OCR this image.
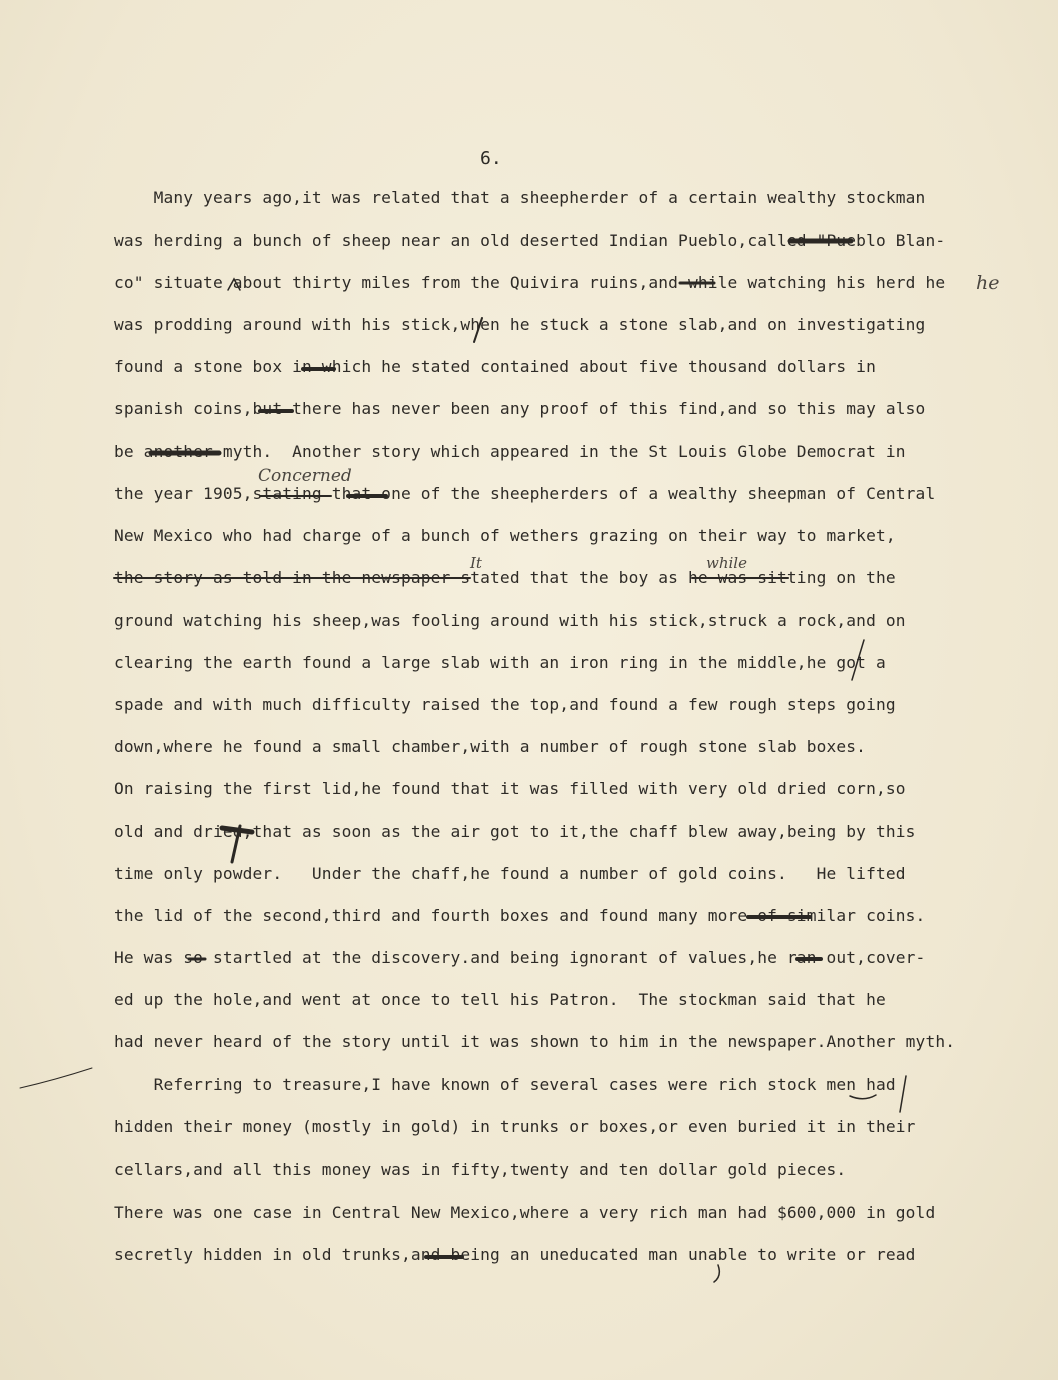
6.
Many years ago,it was related that a sheepherder of a certain wealthy stockman
was herding a bunch of sheep near an old deserted Indian Pueblo,called "Pueblo Blan-
co" situate about thirty miles from the Quivira ruins,and while watching his herd he
was prodding around with his stick,when he stuck a stone slab,and on investigating
found a stone box in which he stated contained about five thousand dollars in
spanish coins,but there has never been any proof of this find,and so this may also
be another myth.  Another story which appeared in the St Louis Globe Democrat in
the year 1905,stating that one of the sheepherders of a wealthy sheepman of Central
New Mexico who had charge of a bunch of wethers grazing on their way to market,
the story as told in the newspaper stated that the boy as he was sitting on the
ground watching his sheep,was fooling around with his stick,struck a rock,and on
clearing the earth found a large slab with an iron ring in the middle,he got a
spade and with much difficulty raised the top,and found a few rough steps going
down,where he found a small chamber,with a number of rough stone slab boxes.
On raising the first lid,he found that it was filled with very old dried corn,so
old and dried,that as soon as the air got to it,the chaff blew away,being by this
time only powder.   Under the chaff,he found a number of gold coins.   He lifted
the lid of the second,third and fourth boxes and found many more of similar coins.
He was so startled at the discovery.and being ignorant of values,he ran out,cover-
ed up the hole,and went at once to tell his Patron.  The stockman said that he
had never heard of the story until it was shown to him in the newspaper.Another myth.
Referring to treasure,I have known of several cases were rich stock men had
hidden their money (mostly in gold) in trunks or boxes,or even buried it in their
cellars,and all this money was in fifty,twenty and ten dollar gold pieces.
There was one case in Central New Mexico,where a very rich man had $600,000 in gold
secretly hidden in old trunks,and being an uneducated man unable to write or read
Concerned
It	while
he
